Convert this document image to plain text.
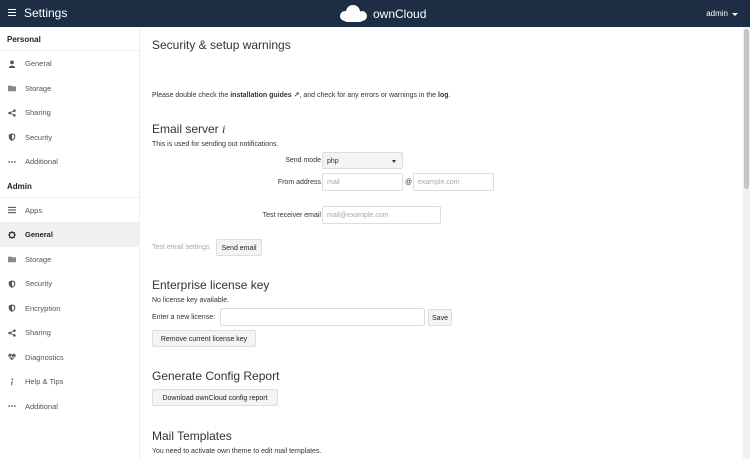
Settings	ownCloud	admin
Personal
General
Storage
Sharing
Security
Additional
Admin
Apps
General
Storage
Security
Encryption
Sharing
Diagnostics
Help & Tips
Additional
Security & setup warnings
Please double check the installation guides ↗, and check for any errors or warnings in the log.
Email server i
This is used for sending out notifications.
Send mode php
From address mail	@ example.com
Test receiver email mail@example.com
Test email settings	Send email
Enterprise license key
No license key available.
Enter a new license:	Save
Remove current license key
Generate Config Report
Download ownCloud config report
Mail Templates
You need to activate own theme to edit mail templates.
